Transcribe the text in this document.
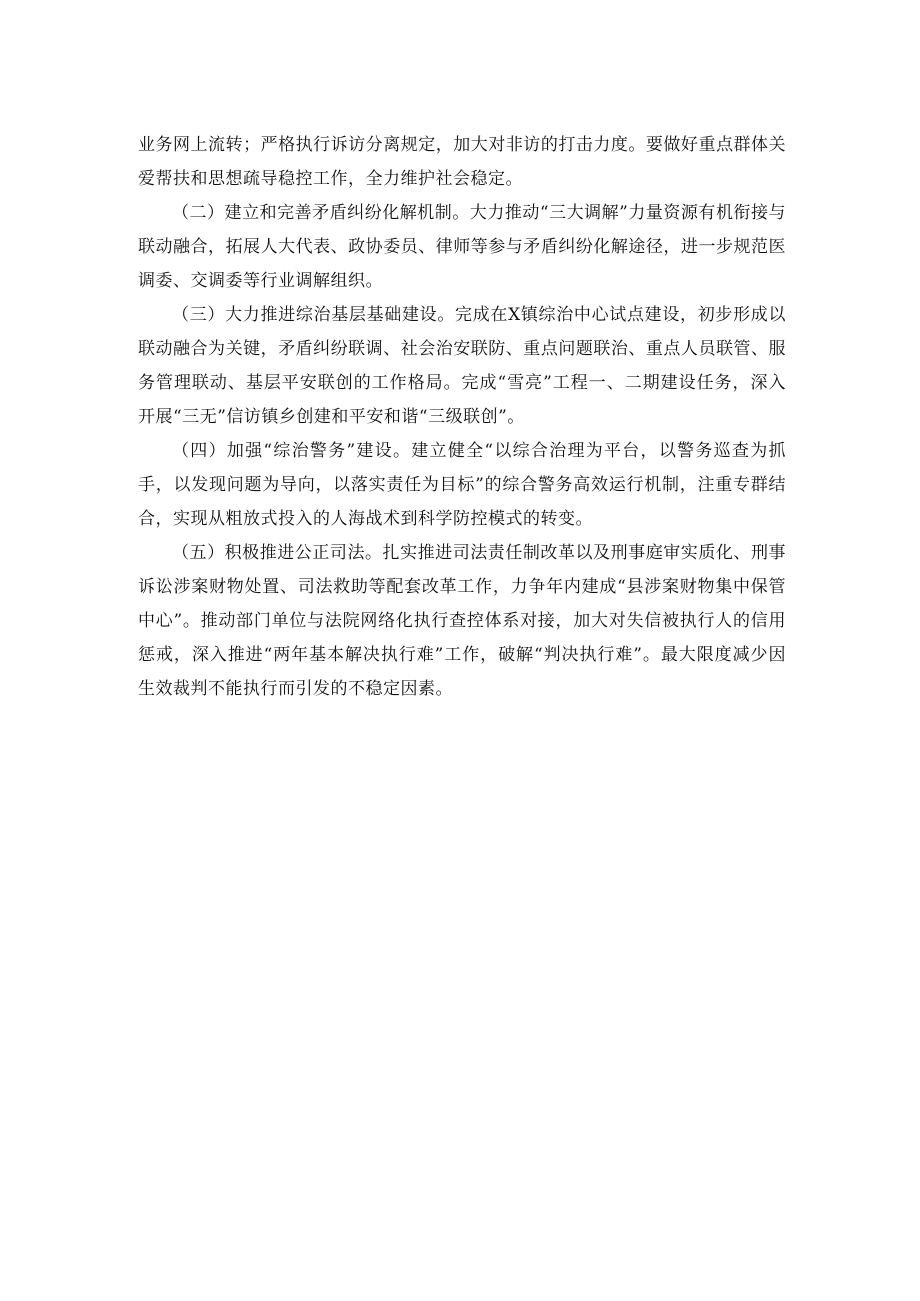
业务网上流转；严格执行诉访分离规定，加大对非访的打击力度。要做好重点群体关爱帮扶和思想疏导稳控工作，全力维护社会稳定。

（二）建立和完善矛盾纠纷化解机制。大力推动“三大调解”力量资源有机衔接与联动融合，拓展人大代表、政协委员、律师等参与矛盾纠纷化解途径，进一步规范医调委、交调委等行业调解组织。

（三）大力推进综治基层基础建设。完成在X镇综治中心试点建设，初步形成以联动融合为关键，矛盾纠纷联调、社会治安联防、重点问题联治、重点人员联管、服务管理联动、基层平安联创的工作格局。完成“雪亮”工程一、二期建设任务，深入开展“三无”信访镇乡创建和平安和谐“三级联创”。

（四）加强“综治警务”建设。建立健全“以综合治理为平台，以警务巡查为抓手，以发现问题为导向，以落实责任为目标”的综合警务高效运行机制，注重专群结合，实现从粗放式投入的人海战术到科学防控模式的转变。

（五）积极推进公正司法。扎实推进司法责任制改革以及刑事庭审实质化、刑事诉讼涉案财物处置、司法救助等配套改革工作，力争年内建成“县涉案财物集中保管中心”。推动部门单位与法院网络化执行查控体系对接，加大对失信被执行人的信用惩戒，深入推进“两年基本解决执行难”工作，破解“判决执行难”。最大限度减少因生效裁判不能执行而引发的不稳定因素。
